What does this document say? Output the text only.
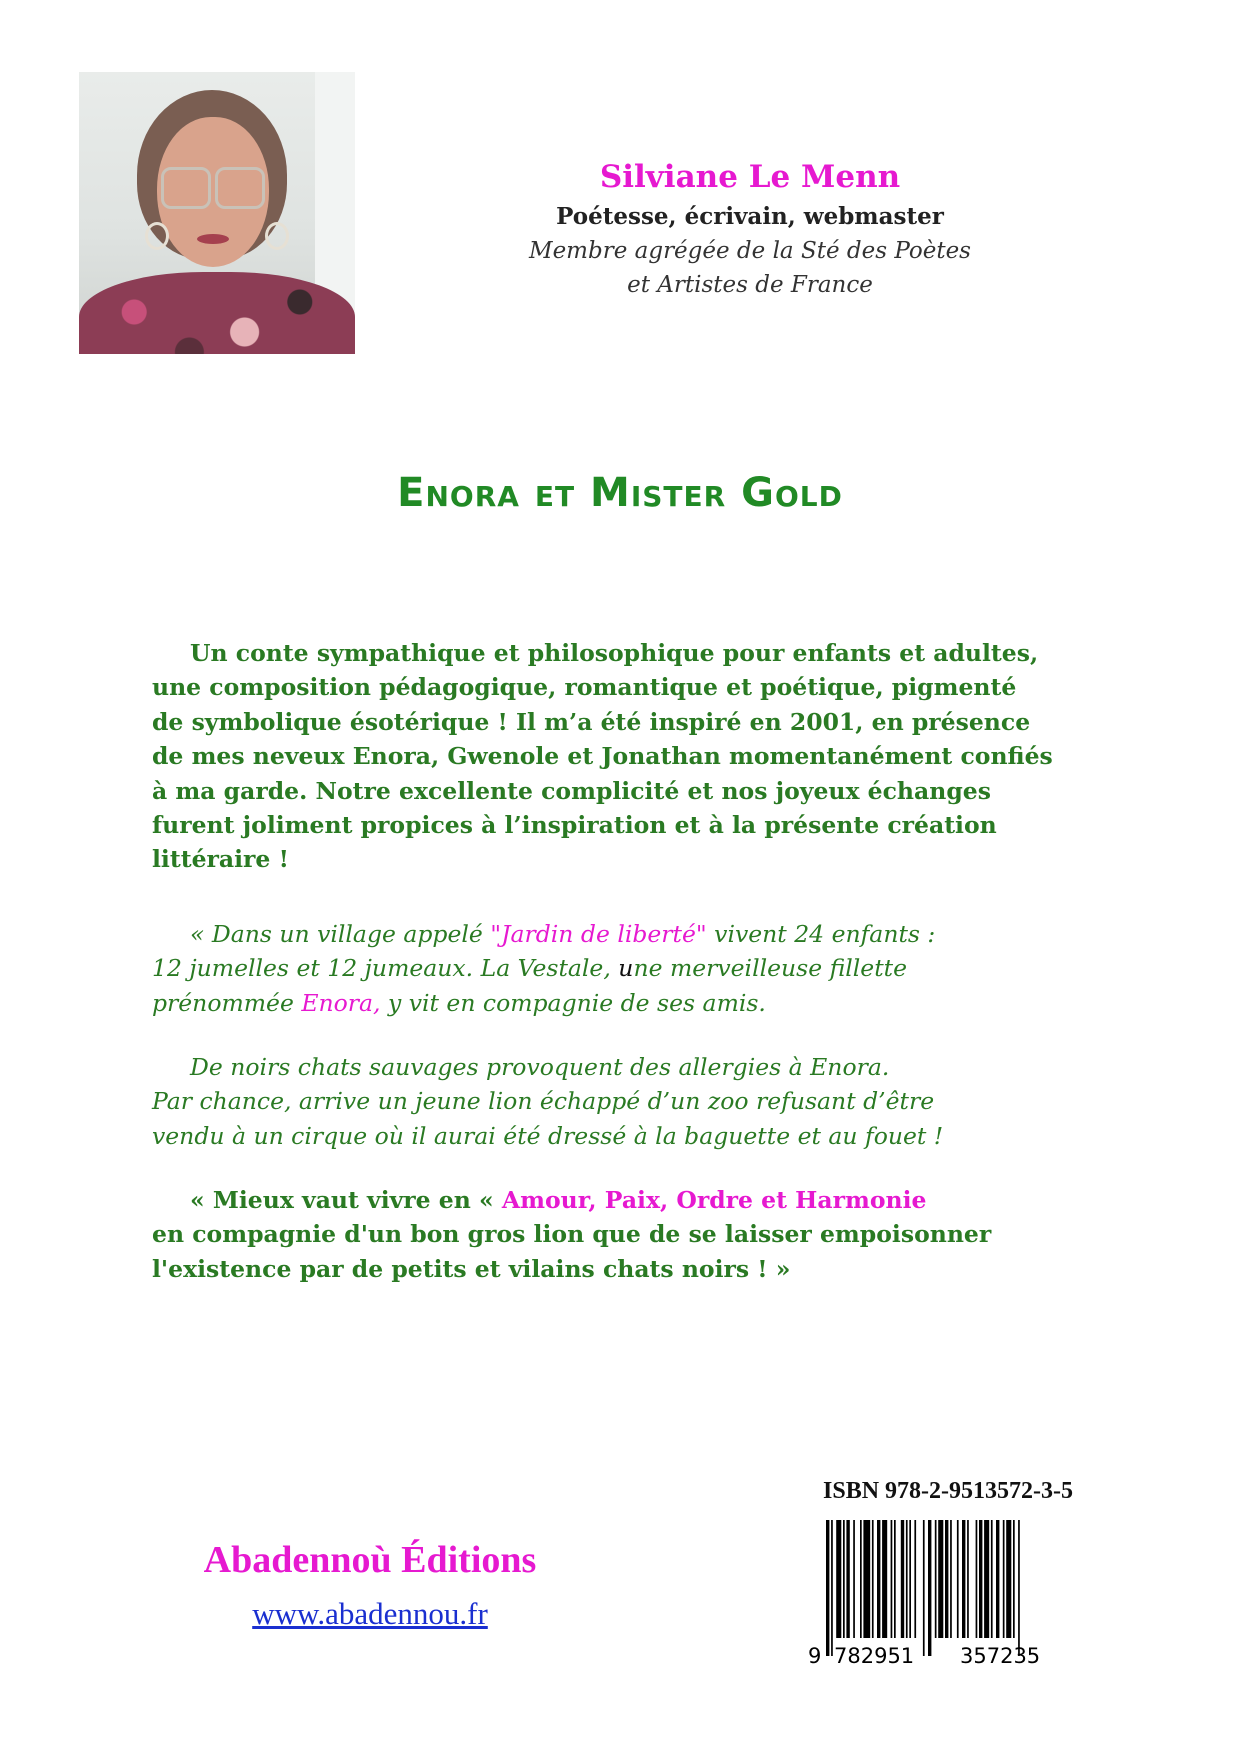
Silviane Le Menn
Poétesse, écrivain, webmaster
Membre agrégée de la Sté des Poètes
et Artistes de France
Enora et Mister Gold
Un conte sympathique et philosophique pour enfants et adultes,
une composition pédagogique, romantique et poétique, pigmenté
de symbolique ésotérique ! Il m’a été inspiré en 2001, en présence
de mes neveux Enora, Gwenole et Jonathan momentanément confiés
à ma garde. Notre excellente complicité et nos joyeux échanges
furent joliment propices à l’inspiration et à la présente création
littéraire !
« Dans un village appelé "Jardin de liberté" vivent 24 enfants :
12 jumelles et 12 jumeaux. La Vestale, une merveilleuse fillette
prénommée Enora, y vit en compagnie de ses amis.
De noirs chats sauvages provoquent des allergies à Enora.
Par chance, arrive un jeune lion échappé d’un zoo refusant d’être
vendu à un cirque où il aurai été dressé à la baguette et au fouet !
« Mieux vaut vivre en « Amour, Paix, Ordre et Harmonie
en compagnie d'un bon gros lion que de se laisser empoisonner
l'existence par de petits et vilains chats noirs ! »
ISBN 978-2-9513572-3-5
9 782951 357235
Abadennoù Éditions
www.abadennou.fr
